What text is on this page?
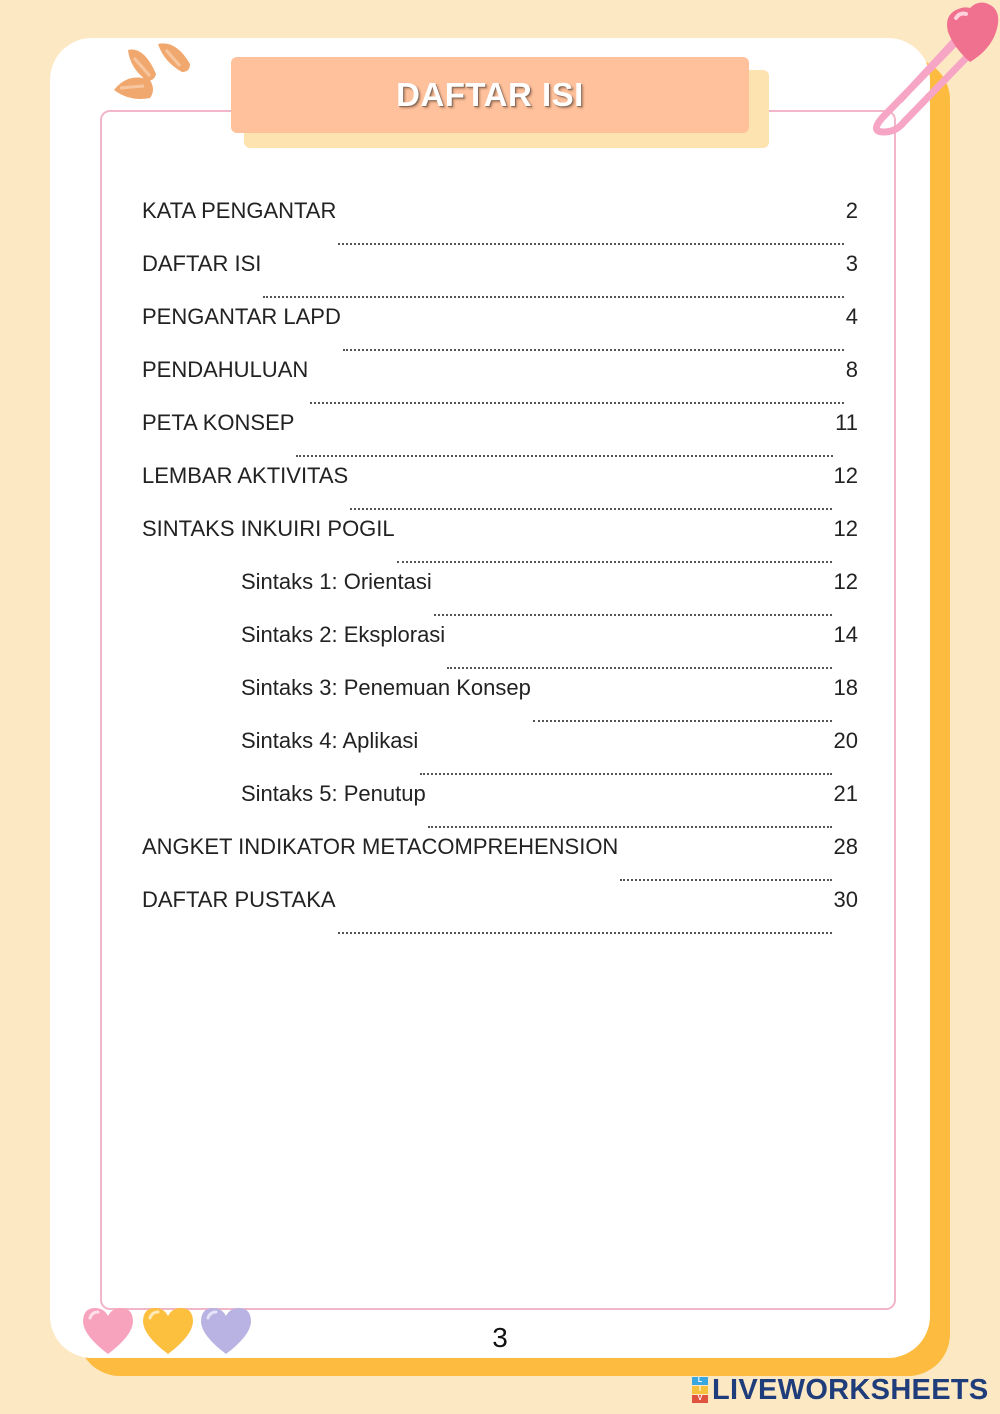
DAFTAR ISI
KATA PENGANTAR	2
DAFTAR ISI	3
PENGANTAR LAPD	4
PENDAHULUAN	8
PETA KONSEP	11
LEMBAR AKTIVITAS	12
SINTAKS INKUIRI POGIL	12
Sintaks 1: Orientasi	12
Sintaks 2: Eksplorasi	14
Sintaks 3: Penemuan Konsep	18
Sintaks 4: Aplikasi	20
Sintaks 5: Penutup	21
ANGKET INDIKATOR METACOMPREHENSION	28
DAFTAR PUSTAKA	30
3
L
I
V LIVEWORKSHEETS
